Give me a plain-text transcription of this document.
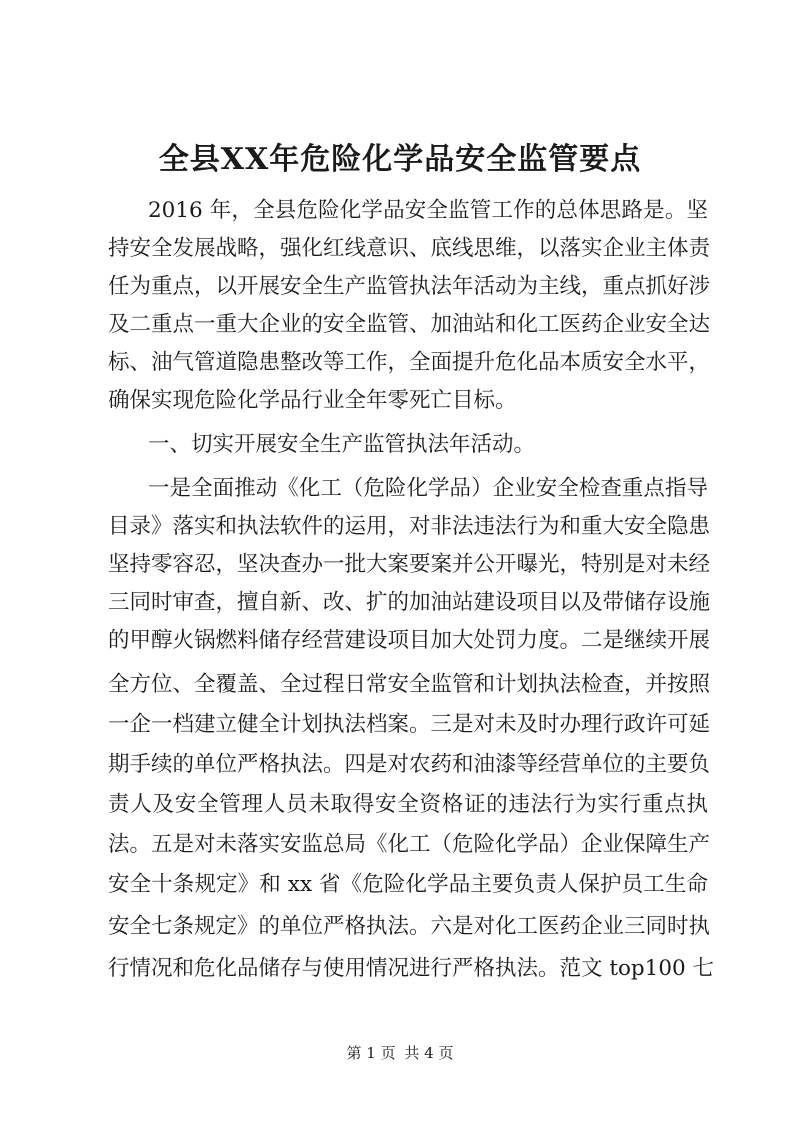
全县XX年危险化学品安全监管要点

2016 年，全县危险化学品安全监管工作的总体思路是。坚

持安全发展战略，强化红线意识、底线思维，以落实企业主体责

任为重点，以开展安全生产监管执法年活动为主线，重点抓好涉

及二重点一重大企业的安全监管、加油站和化工医药企业安全达

标、油气管道隐患整改等工作，全面提升危化品本质安全水平，

确保实现危险化学品行业全年零死亡目标。

一、切实开展安全生产监管执法年活动。

一是全面推动《化工（危险化学品）企业安全检查重点指导

目录》落实和执法软件的运用，对非法违法行为和重大安全隐患

坚持零容忍，坚决查办一批大案要案并公开曝光，特别是对未经

三同时审查，擅自新、改、扩的加油站建设项目以及带储存设施

的甲醇火锅燃料储存经营建设项目加大处罚力度。二是继续开展

全方位、全覆盖、全过程日常安全监管和计划执法检查，并按照

一企一档建立健全计划执法档案。三是对未及时办理行政许可延

期手续的单位严格执法。四是对农药和油漆等经营单位的主要负

责人及安全管理人员未取得安全资格证的违法行为实行重点执

法。五是对未落实安监总局《化工（危险化学品）企业保障生产

安全十条规定》和 xx 省《危险化学品主要负责人保护员工生命

安全七条规定》的单位严格执法。六是对化工医药企业三同时执

行情况和危化品储存与使用情况进行严格执法。范文 top100 七

第 1 页 共 4 页
